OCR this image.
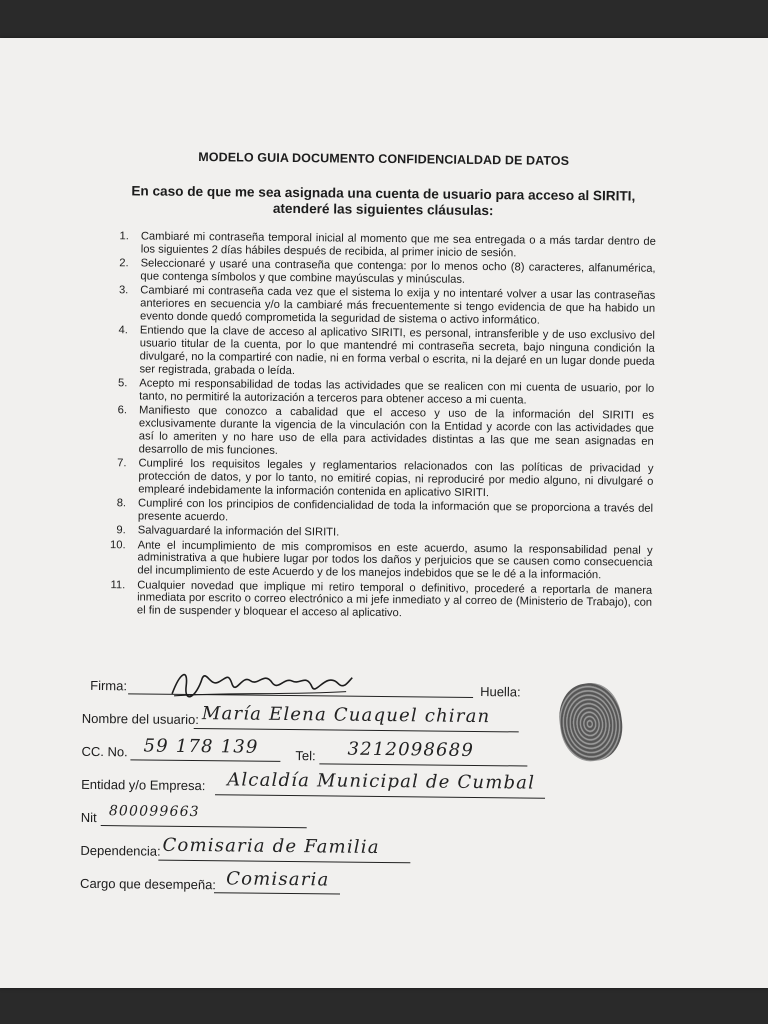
MODELO GUIA DOCUMENTO CONFIDENCIALDAD DE DATOS
En caso de que me sea asignada una cuenta de usuario para acceso al SIRITI, atenderé las siguientes cláusulas:
1. Cambiaré mi contraseña temporal inicial al momento que me sea entregada o a más tardar dentro de los siguientes 2 días hábiles después de recibida, al primer inicio de sesión.
2. Seleccionaré y usaré una contraseña que contenga: por lo menos ocho (8) caracteres, alfanumérica, que contenga símbolos y que combine mayúsculas y minúsculas.
3. Cambiaré mi contraseña cada vez que el sistema lo exija y no intentaré volver a usar las contraseñas anteriores en secuencia y/o la cambiaré más frecuentemente si tengo evidencia de que ha habido un evento donde quedó comprometida la seguridad de sistema o activo informático.
4. Entiendo que la clave de acceso al aplicativo SIRITI, es personal, intransferible y de uso exclusivo del usuario titular de la cuenta, por lo que mantendré mi contraseña secreta, bajo ninguna condición la divulgaré, no la compartiré con nadie, ni en forma verbal o escrita, ni la dejaré en un lugar donde pueda ser registrada, grabada o leída.
5. Acepto mi responsabilidad de todas las actividades que se realicen con mi cuenta de usuario, por lo tanto, no permitiré la autorización a terceros para obtener acceso a mi cuenta.
6. Manifiesto que conozco a cabalidad que el acceso y uso de la información del SIRITI es exclusivamente durante la vigencia de la vinculación con la Entidad y acorde con las actividades que así lo ameriten y no hare uso de ella para actividades distintas a las que me sean asignadas en desarrollo de mis funciones.
7. Cumpliré los requisitos legales y reglamentarios relacionados con las políticas de privacidad y protección de datos, y por lo tanto, no emitiré copias, ni reproduciré por medio alguno, ni divulgaré o emplearé indebidamente la información contenida en aplicativo SIRITI.
8. Cumpliré con los principios de confidencialidad de toda la información que se proporciona a través del presente acuerdo.
9. Salvaguardaré la información del SIRITI.
10. Ante el incumplimiento de mis compromisos en este acuerdo, asumo la responsabilidad penal y administrativa a que hubiere lugar por todos los daños y perjuicios que se causen como consecuencia del incumplimiento de este Acuerdo y de los manejos indebidos que se le dé a la información.
11. Cualquier novedad que implique mi retiro temporal o definitivo, procederé a reportarla de manera inmediata por escrito o correo electrónico a mi jefe inmediato y al correo de (Ministerio de Trabajo), con el fin de suspender y bloquear el acceso al aplicativo.
Firma:	Huella:
Nombre del usuario: María Elena Cuaquel chiran
CC. No. 59 178 139	Tel: 3212098689
Entidad y/o Empresa: Alcaldía Municipal de Cumbal
Nit 800099663
Dependencia: Comisaria de Familia
Cargo que desempeña: Comisaria
